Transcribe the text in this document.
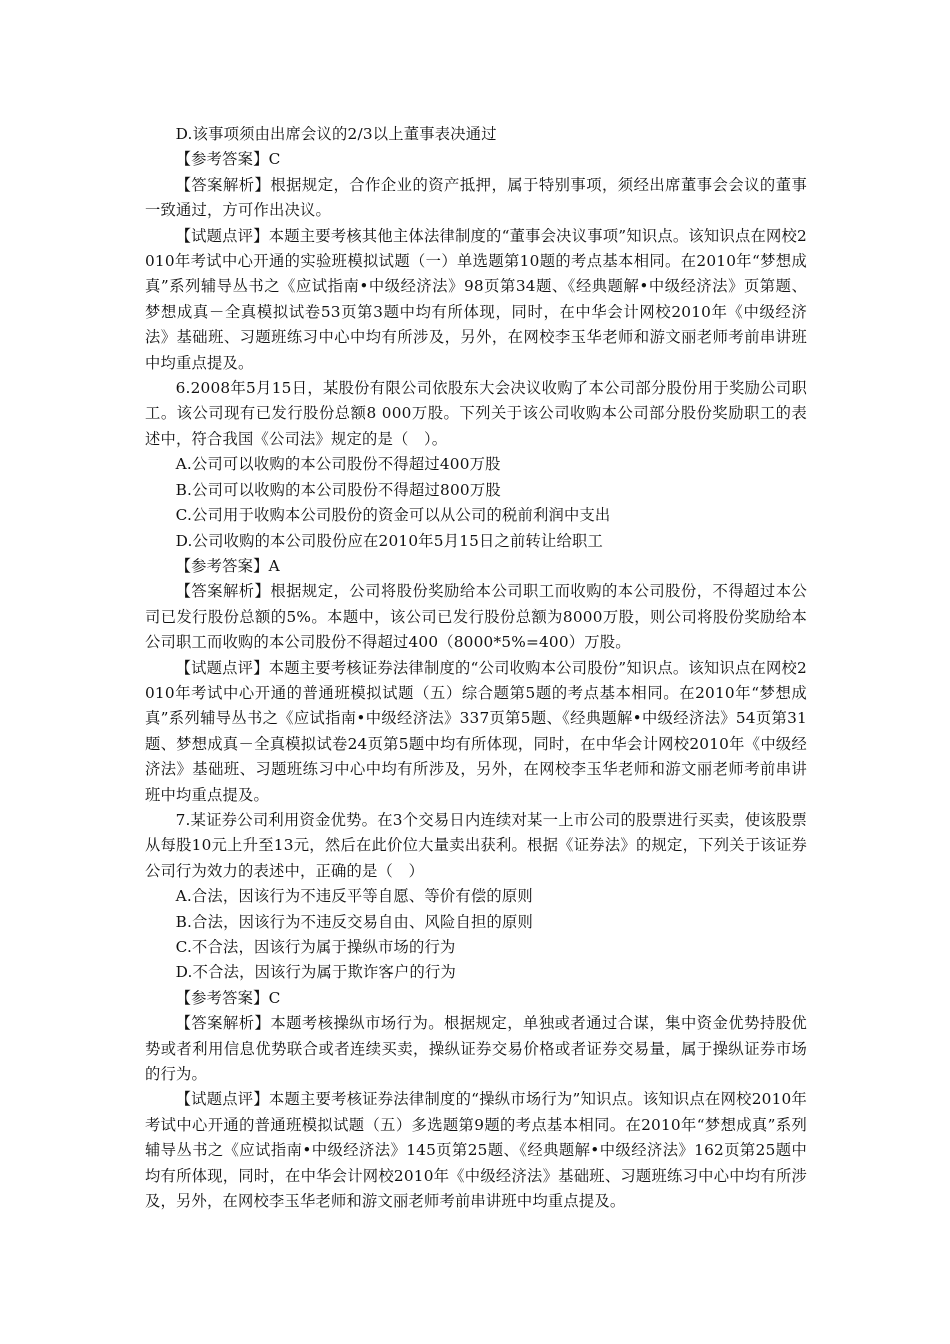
D.该事项须由出席会议的2/3以上董事表决通过

【参考答案】C

【答案解析】根据规定，合作企业的资产抵押，属于特别事项，须经出席董事会会议的董事一致通过，方可作出决议。

【试题点评】本题主要考核其他主体法律制度的“董事会决议事项”知识点。该知识点在网校2010年考试中心开通的实验班模拟试题（一）单选题第10题的考点基本相同。在2010年“梦想成真”系列辅导丛书之《应试指南•中级经济法》98页第34题、《经典题解•中级经济法》页第题、梦想成真－全真模拟试卷53页第3题中均有所体现，同时，在中华会计网校2010年《中级经济法》基础班、习题班练习中心中均有所涉及，另外，在网校李玉华老师和游文丽老师考前串讲班中均重点提及。

6.2008年5月15日，某股份有限公司依股东大会决议收购了本公司部分股份用于奖励公司职工。该公司现有已发行股份总额8 000万股。下列关于该公司收购本公司部分股份奖励职工的表述中，符合我国《公司法》规定的是（　）。

A.公司可以收购的本公司股份不得超过400万股

B.公司可以收购的本公司股份不得超过800万股

C.公司用于收购本公司股份的资金可以从公司的税前利润中支出

D.公司收购的本公司股份应在2010年5月15日之前转让给职工

【参考答案】A

【答案解析】根据规定，公司将股份奖励给本公司职工而收购的本公司股份，不得超过本公司已发行股份总额的5%。本题中，该公司已发行股份总额为8000万股，则公司将股份奖励给本公司职工而收购的本公司股份不得超过400（8000*5%=400）万股。

【试题点评】本题主要考核证券法律制度的“公司收购本公司股份”知识点。该知识点在网校2010年考试中心开通的普通班模拟试题（五）综合题第5题的考点基本相同。在2010年“梦想成真”系列辅导丛书之《应试指南•中级经济法》337页第5题、《经典题解•中级经济法》54页第31题、梦想成真－全真模拟试卷24页第5题中均有所体现，同时，在中华会计网校2010年《中级经济法》基础班、习题班练习中心中均有所涉及，另外，在网校李玉华老师和游文丽老师考前串讲班中均重点提及。

7.某证券公司利用资金优势。在3个交易日内连续对某一上市公司的股票进行买卖，使该股票从每股10元上升至13元，然后在此价位大量卖出获利。根据《证券法》的规定，下列关于该证券公司行为效力的表述中，正确的是（　）

A.合法，因该行为不违反平等自愿、等价有偿的原则

B.合法，因该行为不违反交易自由、风险自担的原则

C.不合法，因该行为属于操纵市场的行为

D.不合法，因该行为属于欺诈客户的行为

【参考答案】C

【答案解析】本题考核操纵市场行为。根据规定，单独或者通过合谋，集中资金优势持股优势或者利用信息优势联合或者连续买卖，操纵证券交易价格或者证券交易量，属于操纵证券市场的行为。

【试题点评】本题主要考核证券法律制度的“操纵市场行为”知识点。该知识点在网校2010年考试中心开通的普通班模拟试题（五）多选题第9题的考点基本相同。在2010年“梦想成真”系列辅导丛书之《应试指南•中级经济法》145页第25题、《经典题解•中级经济法》162页第25题中均有所体现，同时，在中华会计网校2010年《中级经济法》基础班、习题班练习中心中均有所涉及，另外，在网校李玉华老师和游文丽老师考前串讲班中均重点提及。
